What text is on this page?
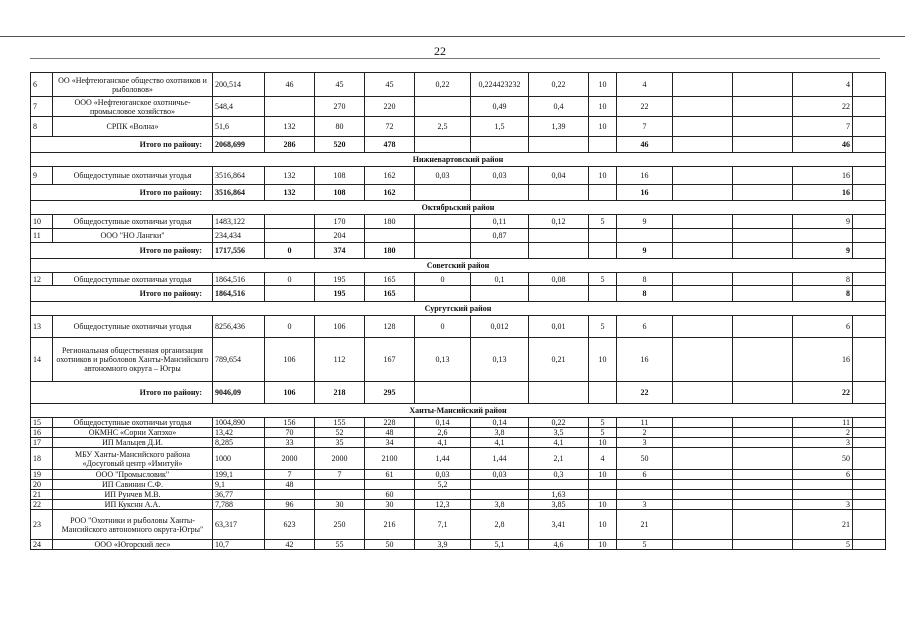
22
6	ОО «Нефтеюганское общество охотников и рыболовов»	200,514	46	45	45	0,22	0,224423232	0,22	10	4			4	
7	ООО «Нефтеюганское охотничье-промысловое хозяйство»	548,4		270	220		0,49	0,4	10	22			22	
8	СРПК «Волна»	51,6	132	80	72	2,5	1,5	1,39	10	7			7	
Итого по району:		2068,699	286	520	478					46			46	
Нижневартовский район														
9	Общедоступные охотничьи угодья	3516,864	132	108	162	0,03	0,03	0,04	10	16			16	
Итого по району:		3516,864	132	108	162					16			16	
Октябрьский район														
10	Общедоступные охотничьи угодья	1483,122		170	180		0,11	0,12	5	9			9	
11	ООО "НО Лангки"	234,434		204			0,87							
Итого по району:		1717,556	0	374	180					9			9	
Советский район														
12	Общедоступные охотничьи угодья	1864,516	0	195	165	0	0,1	0,08	5	8			8	
Итого по району:		1864,516		195	165					8			8	
Сургутский район														
13	Общедоступные охотничьи угодья	8256,436	0	106	128	0	0,012	0,01	5	6			6	
14	Региональная общественная организация охотников и рыболовов Ханты-Мансийского автономного округа – Югры	789,654	106	112	167	0,13	0,13	0,21	10	16			16	
Итого по району:		9046,09	106	218	295					22			22	
Ханты-Мансийский район														
15	Общедоступные охотничьи угодья	1004,890	156	155	228	0,14	0,14	0,22	5	11			11	
16	ОКМНС «Сорни Хапэхо»	13,42	70	52	48	2,6	3,8	3,5	5	2			2	
17	ИП Мальцев Д.И.	8,285	33	35	34	4,1	4,1	4,1	10	3			3	
18	МБУ Ханты-Мансийского района «Досуговый центр «Имитуй»	1000	2000	2000	2100	1,44	1,44	2,1	4	50			50	
19	ООО "Промысловик"	199,1	7	7	61	0,03	0,03	0,3	10	6			6	
20	ИП Савинин С.Ф.	9,1	48			5,2								
21	ИП Рунчев М.В.	36,77			60			1,63						
22	ИП Кукснн А.А.	7,788	96	30	30	12,3	3,8	3,85	10	3			3	
23	РОО "Охотники и рыболовы Ханты-Мансийского автономного округа-Югры"	63,317	623	250	216	7,1	2,8	3,41	10	21			21	
24	ООО «Югорский лес»	10,7	42	55	50	3,9	5,1	4,6	10	5			5	
